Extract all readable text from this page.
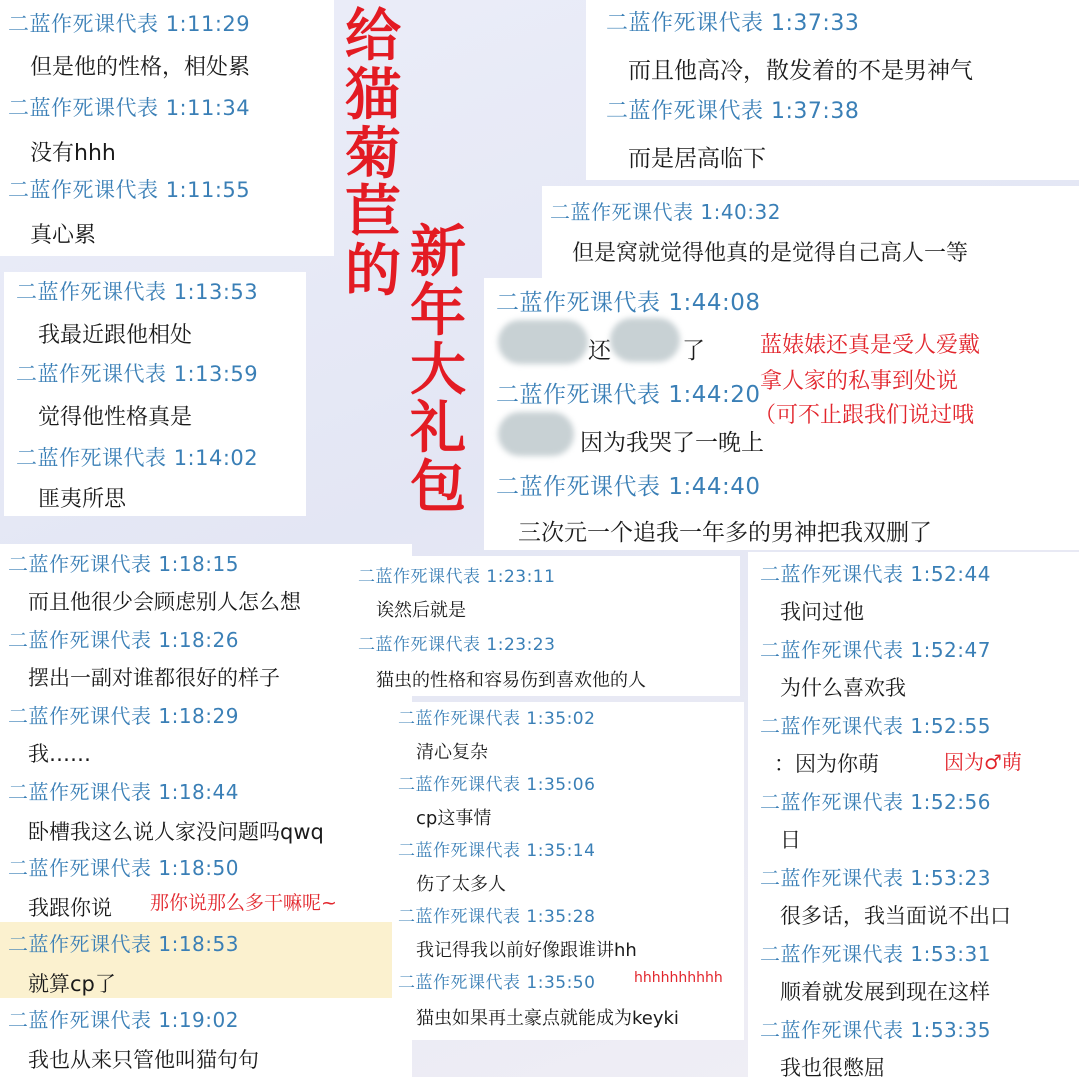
二蓝作死课代表 1:11:29
但是他的性格，相处累
二蓝作死课代表 1:11:34
没有hhh
二蓝作死课代表 1:11:55
真心累
二蓝作死课代表 1:13:53
我最近跟他相处
二蓝作死课代表 1:13:59
觉得他性格真是
二蓝作死课代表 1:14:02
匪夷所思
给
猫
菊
苣
的 新
年
大
礼
包
二蓝作死课代表 1:37:33
而且他高冷，散发着的不是男神气
二蓝作死课代表 1:37:38
而是居高临下
二蓝作死课代表 1:40:32
但是窝就觉得他真的是觉得自己高人一等
二蓝作死课代表 1:44:08
还	了
二蓝作死课代表 1:44:20
因为我哭了一晚上
二蓝作死课代表 1:44:40
三次元一个追我一年多的男神把我双删了
蓝婊婊还真是受人爱戴
拿人家的私事到处说
（可不止跟我们说过哦
二蓝作死课代表 1:18:15
而且他很少会顾虑别人怎么想
二蓝作死课代表 1:18:26
摆出一副对谁都很好的样子
二蓝作死课代表 1:18:29
我……
二蓝作死课代表 1:18:44
卧槽我这么说人家没问题吗qwq
二蓝作死课代表 1:18:50
我跟你说 那你说那么多干嘛呢~
二蓝作死课代表 1:18:53
就算cp了
二蓝作死课代表 1:19:02
我也从来只管他叫猫句句
二蓝作死课代表 1:23:11
诶然后就是
二蓝作死课代表 1:23:23
猫虫的性格和容易伤到喜欢他的人
二蓝作死课代表 1:35:02
清心复杂
二蓝作死课代表 1:35:06
cp这事情
二蓝作死课代表 1:35:14
伤了太多人
二蓝作死课代表 1:35:28
我记得我以前好像跟谁讲hh
二蓝作死课代表 1:35:50	hhhhhhhhhh
猫虫如果再土豪点就能成为keyki
二蓝作死课代表 1:52:44
我问过他
二蓝作死课代表 1:52:47
为什么喜欢我
二蓝作死课代表 1:52:55
：因为你萌	因为♂萌
二蓝作死课代表 1:52:56
日
二蓝作死课代表 1:53:23
很多话，我当面说不出口
二蓝作死课代表 1:53:31
顺着就发展到现在这样
二蓝作死课代表 1:53:35
我也很憋屈
